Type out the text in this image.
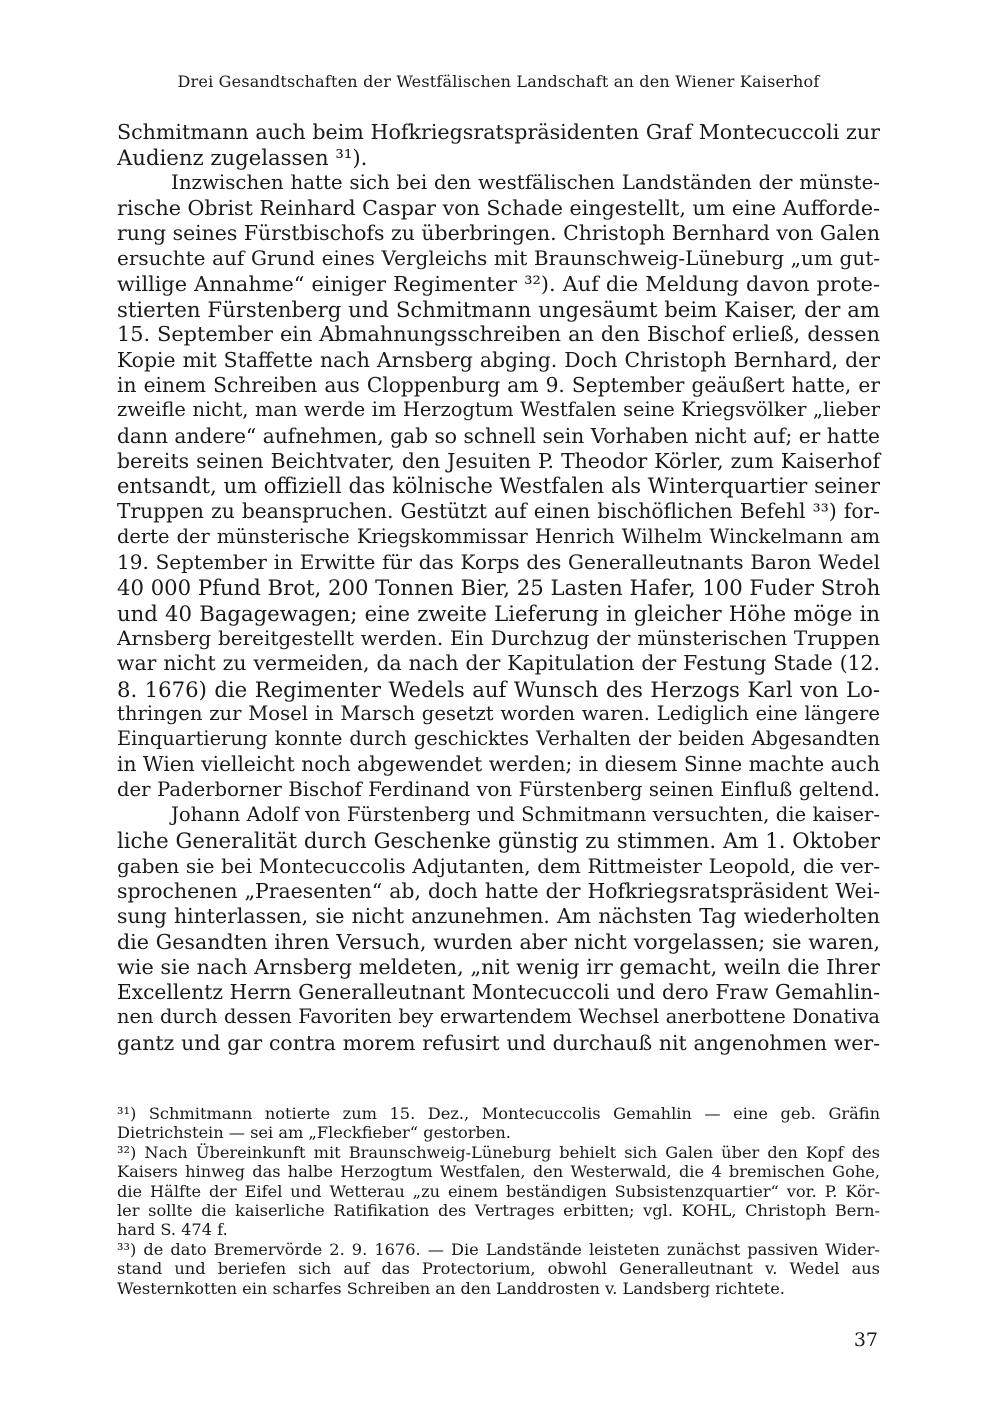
Drei Gesandtschaften der Westfälischen Landschaft an den Wiener Kaiserhof
Schmitmann auch beim Hofkriegsratspräsidenten Graf Montecuccoli zur
Audienz zugelassen ³¹).
Inzwischen hatte sich bei den westfälischen Landständen der münste-
rische Obrist Reinhard Caspar von Schade eingestellt, um eine Aufforde-
rung seines Fürstbischofs zu überbringen. Christoph Bernhard von Galen
ersuchte auf Grund eines Vergleichs mit Braunschweig-Lüneburg „um gut-
willige Annahme“ einiger Regimenter ³²). Auf die Meldung davon prote-
stierten Fürstenberg und Schmitmann ungesäumt beim Kaiser, der am
15. September ein Abmahnungsschreiben an den Bischof erließ, dessen
Kopie mit Staffette nach Arnsberg abging. Doch Christoph Bernhard, der
in einem Schreiben aus Cloppenburg am 9. September geäußert hatte, er
zweifle nicht, man werde im Herzogtum Westfalen seine Kriegsvölker „lieber
dann andere“ aufnehmen, gab so schnell sein Vorhaben nicht auf; er hatte
bereits seinen Beichtvater, den Jesuiten P. Theodor Körler, zum Kaiserhof
entsandt, um offiziell das kölnische Westfalen als Winterquartier seiner
Truppen zu beanspruchen. Gestützt auf einen bischöflichen Befehl ³³) for-
derte der münsterische Kriegskommissar Henrich Wilhelm Winckelmann am
19. September in Erwitte für das Korps des Generalleutnants Baron Wedel
40 000 Pfund Brot, 200 Tonnen Bier, 25 Lasten Hafer, 100 Fuder Stroh
und 40 Bagagewagen; eine zweite Lieferung in gleicher Höhe möge in
Arnsberg bereitgestellt werden. Ein Durchzug der münsterischen Truppen
war nicht zu vermeiden, da nach der Kapitulation der Festung Stade (12.
8. 1676) die Regimenter Wedels auf Wunsch des Herzogs Karl von Lo-
thringen zur Mosel in Marsch gesetzt worden waren. Lediglich eine längere
Einquartierung konnte durch geschicktes Verhalten der beiden Abgesandten
in Wien vielleicht noch abgewendet werden; in diesem Sinne machte auch
der Paderborner Bischof Ferdinand von Fürstenberg seinen Einfluß geltend.
Johann Adolf von Fürstenberg und Schmitmann versuchten, die kaiser-
liche Generalität durch Geschenke günstig zu stimmen. Am 1. Oktober
gaben sie bei Montecuccolis Adjutanten, dem Rittmeister Leopold, die ver-
sprochenen „Praesenten“ ab, doch hatte der Hofkriegsratspräsident Wei-
sung hinterlassen, sie nicht anzunehmen. Am nächsten Tag wiederholten
die Gesandten ihren Versuch, wurden aber nicht vorgelassen; sie waren,
wie sie nach Arnsberg meldeten, „nit wenig irr gemacht, weiln die Ihrer
Excellentz Herrn Generalleutnant Montecuccoli und dero Fraw Gemahlin-
nen durch dessen Favoriten bey erwartendem Wechsel anerbottene Donativa
gantz und gar contra morem refusirt und durchauß nit angenohmen wer-
³¹) Schmitmann notierte zum 15. Dez., Montecuccolis Gemahlin — eine geb. Gräfin
Dietrichstein — sei am „Fleckfieber“ gestorben.
³²) Nach Übereinkunft mit Braunschweig-Lüneburg behielt sich Galen über den Kopf des
Kaisers hinweg das halbe Herzogtum Westfalen, den Westerwald, die 4 bremischen Gohe,
die Hälfte der Eifel und Wetterau „zu einem beständigen Subsistenzquartier“ vor. P. Kör-
ler sollte die kaiserliche Ratifikation des Vertrages erbitten; vgl. KOHL, Christoph Bern-
hard S. 474 f.
³³) de dato Bremervörde 2. 9. 1676. — Die Landstände leisteten zunächst passiven Wider-
stand und beriefen sich auf das Protectorium, obwohl Generalleutnant v. Wedel aus
Westernkotten ein scharfes Schreiben an den Landdrosten v. Landsberg richtete.
37
